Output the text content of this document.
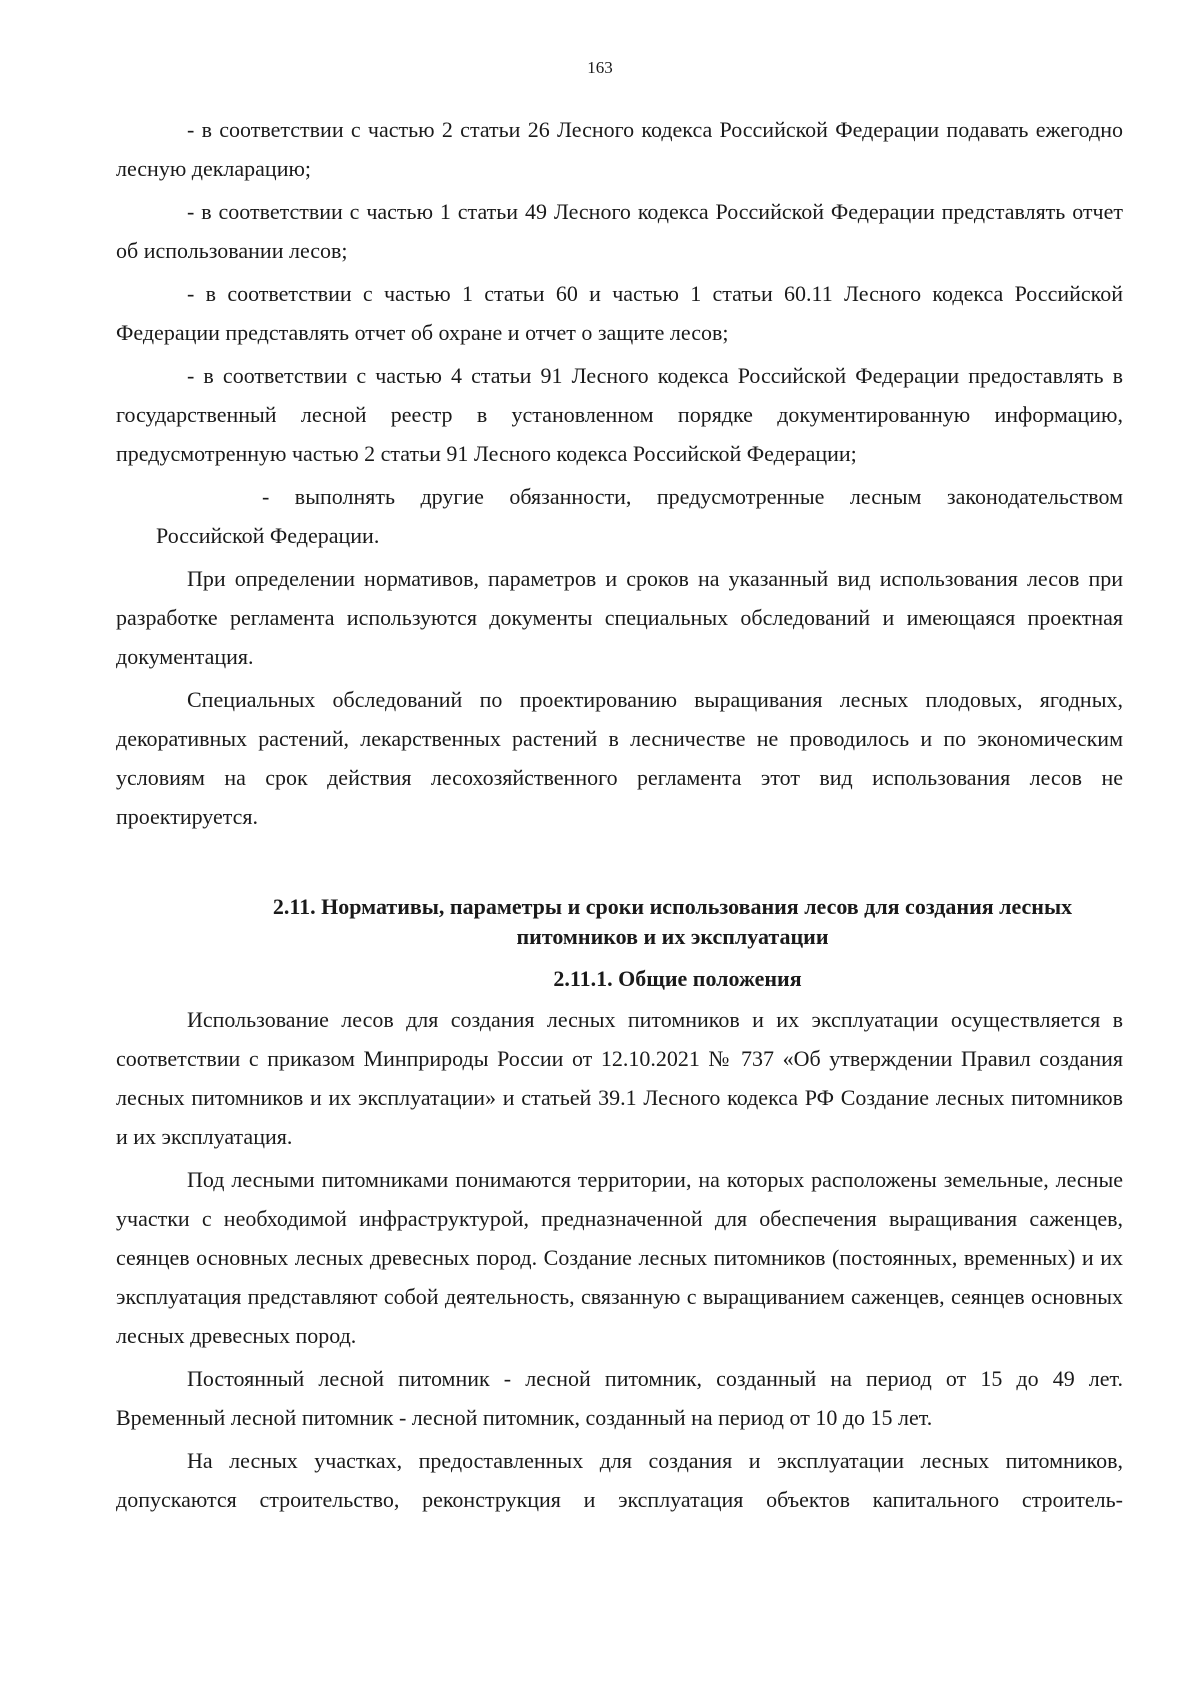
163

- в соответствии с частью 2 статьи 26 Лесного кодекса Российской Федерации подавать ежегодно лесную декларацию;

- в соответствии с частью 1 статьи 49 Лесного кодекса Российской Федерации представлять отчет об использовании лесов;

- в соответствии с частью 1 статьи 60 и частью 1 статьи 60.11 Лесного кодекса Российской Федерации представлять отчет об охране и отчет о защите лесов;

- в соответствии с частью 4 статьи 91 Лесного кодекса Российской Федерации предоставлять в государственный лесной реестр в установленном порядке документированную информацию, предусмотренную частью 2 статьи 91 Лесного кодекса Российской Федерации;

- выполнять другие обязанности, предусмотренные лесным законодательством
Российской Федерации.

При определении нормативов, параметров и сроков на указанный вид использования лесов при разработке регламента используются документы специальных обследований и имеющаяся проектная документация.

Специальных обследований по проектированию выращивания лесных плодовых, ягодных, декоративных растений, лекарственных растений в лесничестве не проводилось и по экономическим условиям на срок действия лесохозяйственного регламента этот вид использования лесов не проектируется.

2.11. Нормативы, параметры и сроки использования лесов для создания лесных питомников и их эксплуатации

2.11.1. Общие положения

Использование лесов для создания лесных питомников и их эксплуатации осуществляется в соответствии с приказом Минприроды России от 12.10.2021 № 737 «Об утверждении Правил создания лесных питомников и их эксплуатации» и статьей 39.1 Лесного кодекса РФ Создание лесных питомников и их эксплуатация.

Под лесными питомниками понимаются территории, на которых расположены земельные, лесные участки с необходимой инфраструктурой, предназначенной для обеспечения выращивания саженцев, сеянцев основных лесных древесных пород. Создание лесных питомников (постоянных, временных) и их эксплуатация представляют собой деятельность, связанную с выращиванием саженцев, сеянцев основных лесных древесных пород.

Постоянный лесной питомник - лесной питомник, созданный на период от 15 до 49 лет. Временный лесной питомник - лесной питомник, созданный на период от 10 до 15 лет.

На лесных участках, предоставленных для создания и эксплуатации лесных питомников, допускаются строительство, реконструкция и эксплуатация объектов капитального строитель-
